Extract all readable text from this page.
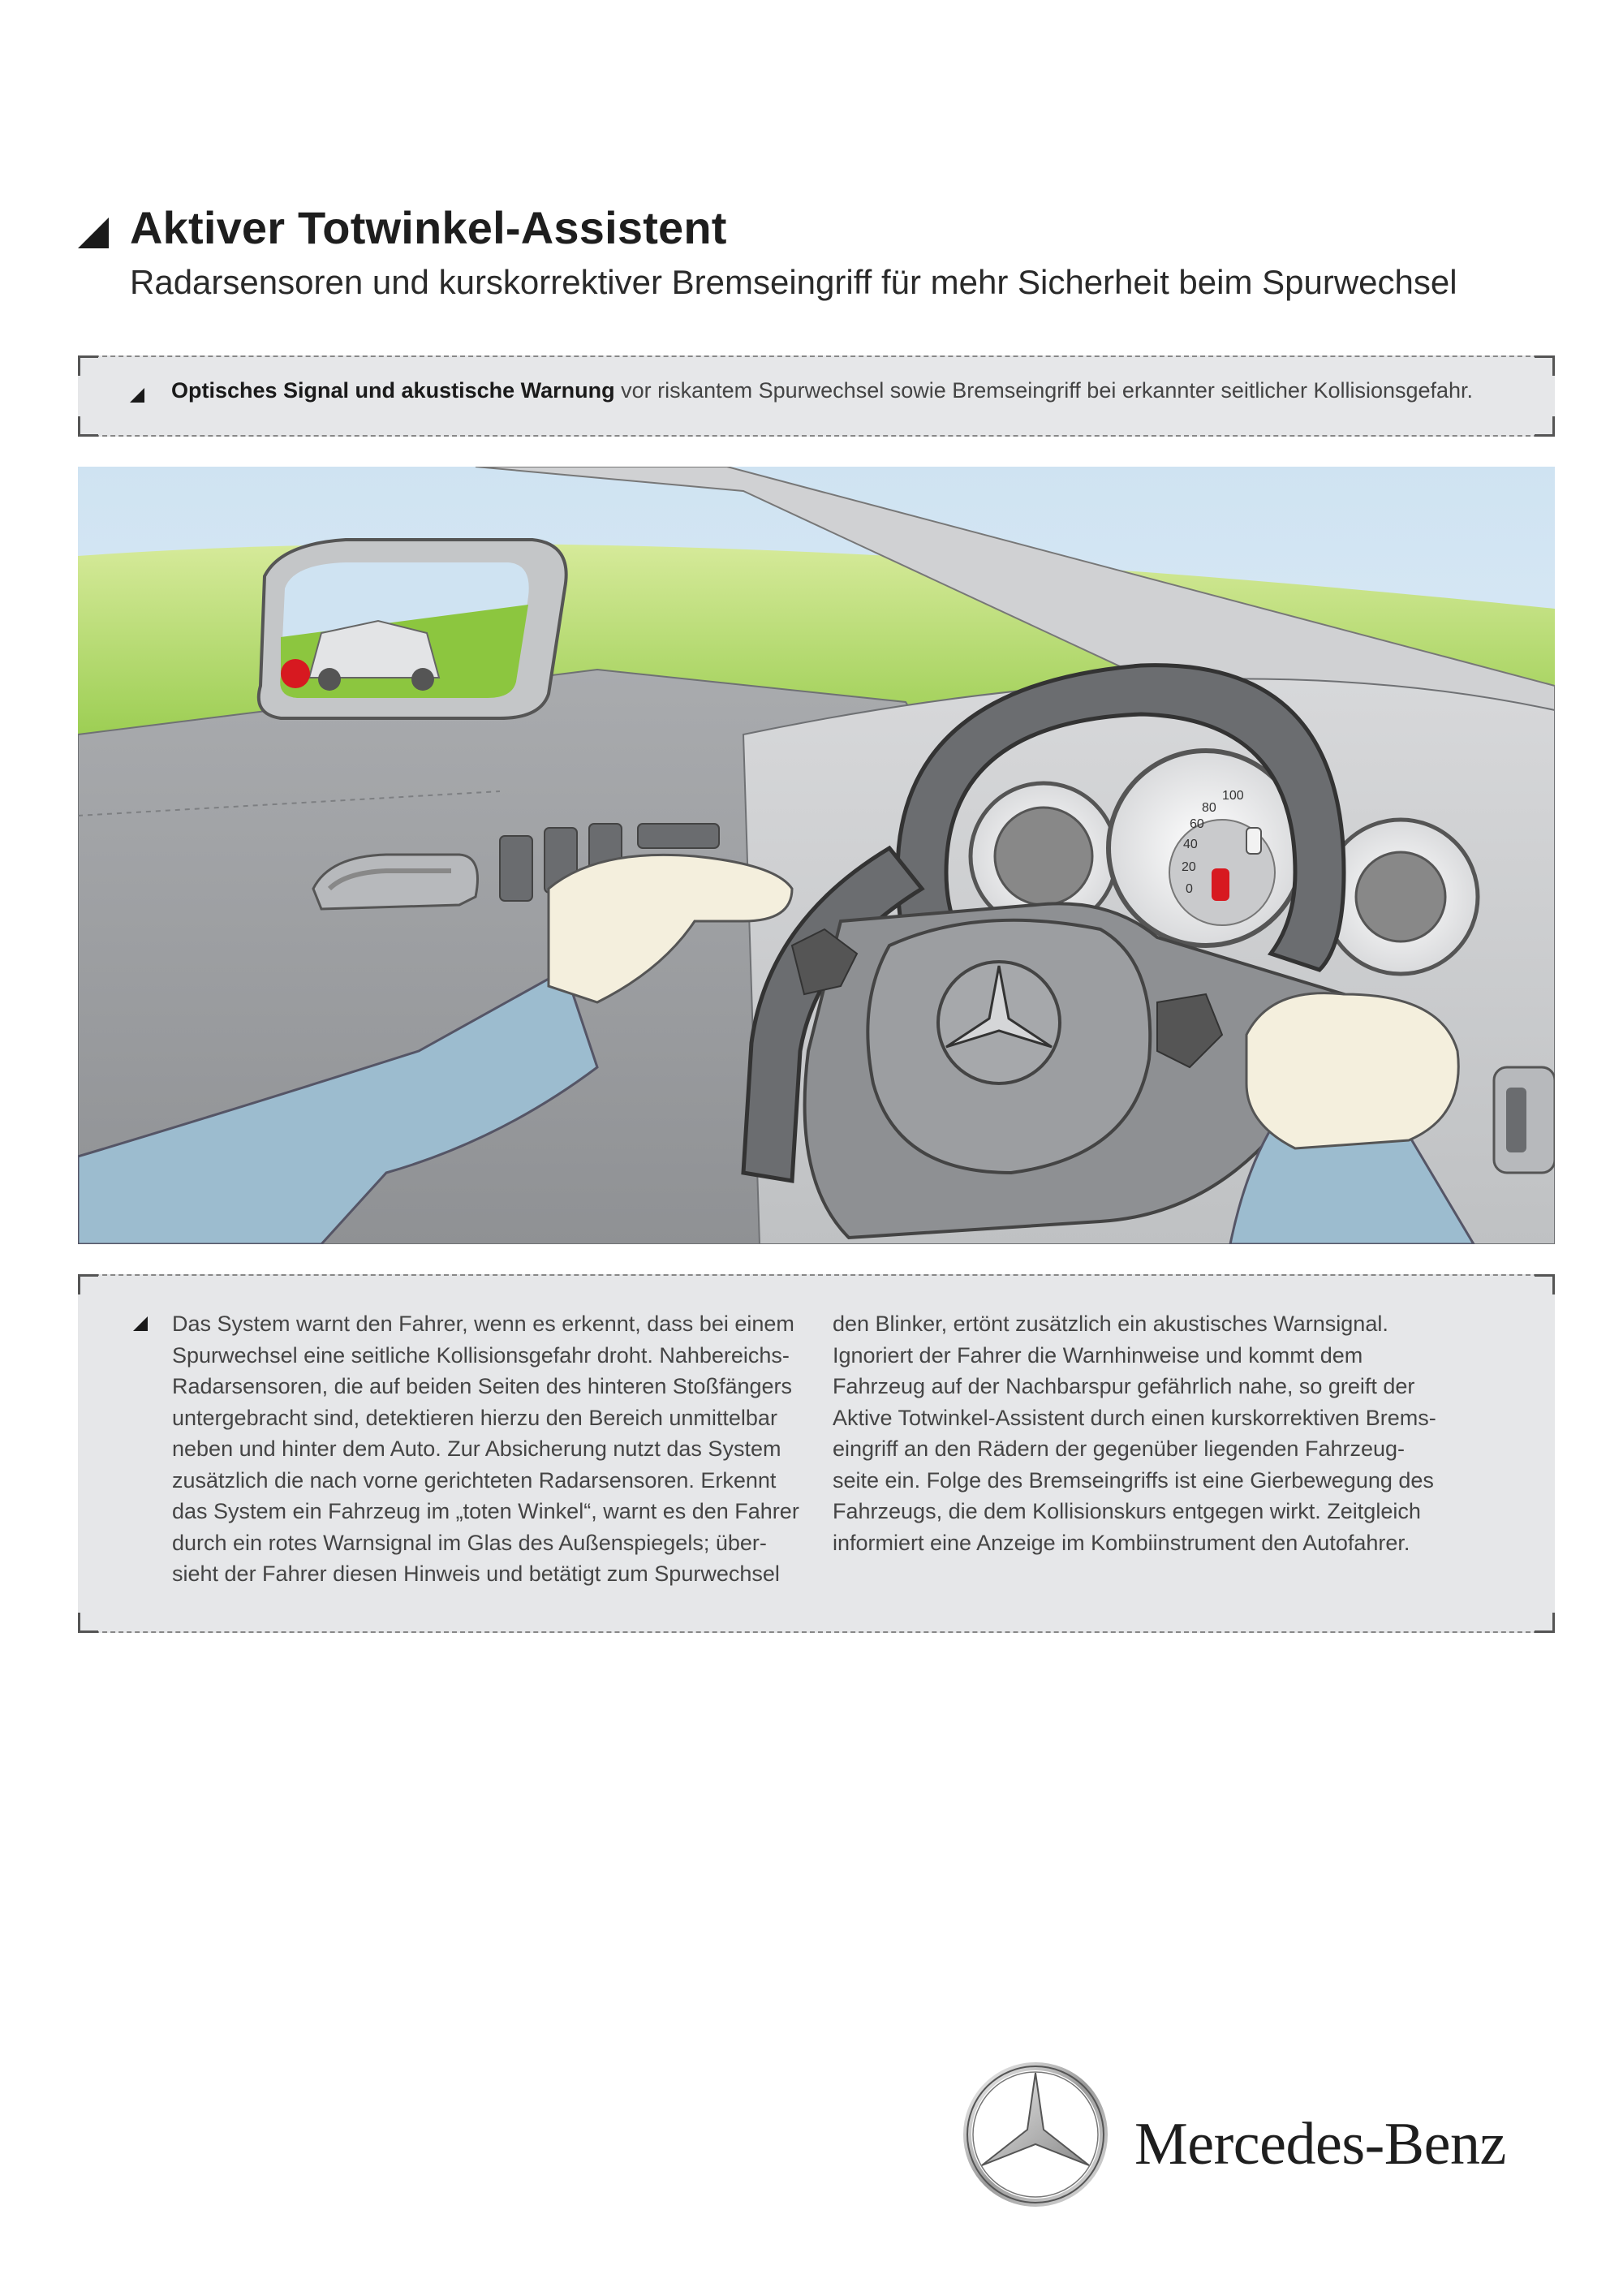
Aktiver Totwinkel-Assistent
Radarsensoren und kurskorrektiver Bremseingriff für mehr Sicherheit beim Spurwechsel
Optisches Signal und akustische Warnung vor riskantem Spurwechsel sowie Bremseingriff bei erkannter seitlicher Kollisionsgefahr.
100
80
60
40
20
0

Das System warnt den Fahrer, wenn es erkennt, dass bei einem

Spurwechsel eine seitliche Kollisionsgefahr droht. Nahbereichs-

Radarsensoren, die auf beiden Seiten des hinteren Stoßfängers

untergebracht sind, detektieren hierzu den Bereich unmittelbar

neben und hinter dem Auto. Zur Absicherung nutzt das System

zusätzlich die nach vorne gerichteten Radarsensoren. Erkennt

das System ein Fahrzeug im „toten Winkel“, warnt es den Fahrer

durch ein rotes Warnsignal im Glas des Außenspiegels; über-

sieht der Fahrer diesen Hinweis und betätigt zum Spurwechsel

den Blinker, ertönt zusätzlich ein akustisches Warnsignal.

Ignoriert der Fahrer die Warnhinweise und kommt dem

Fahrzeug auf der Nachbarspur gefährlich nahe, so greift der

Aktive Totwinkel-Assistent durch einen kurskorrektiven Brems-

eingriff an den Rädern der gegenüber liegenden Fahrzeug-

seite ein. Folge des Bremseingriffs ist eine Gierbewegung des

Fahrzeugs, die dem Kollisionskurs entgegen wirkt. Zeitgleich

informiert eine Anzeige im Kombiinstrument den Autofahrer.

Mercedes-Benz
